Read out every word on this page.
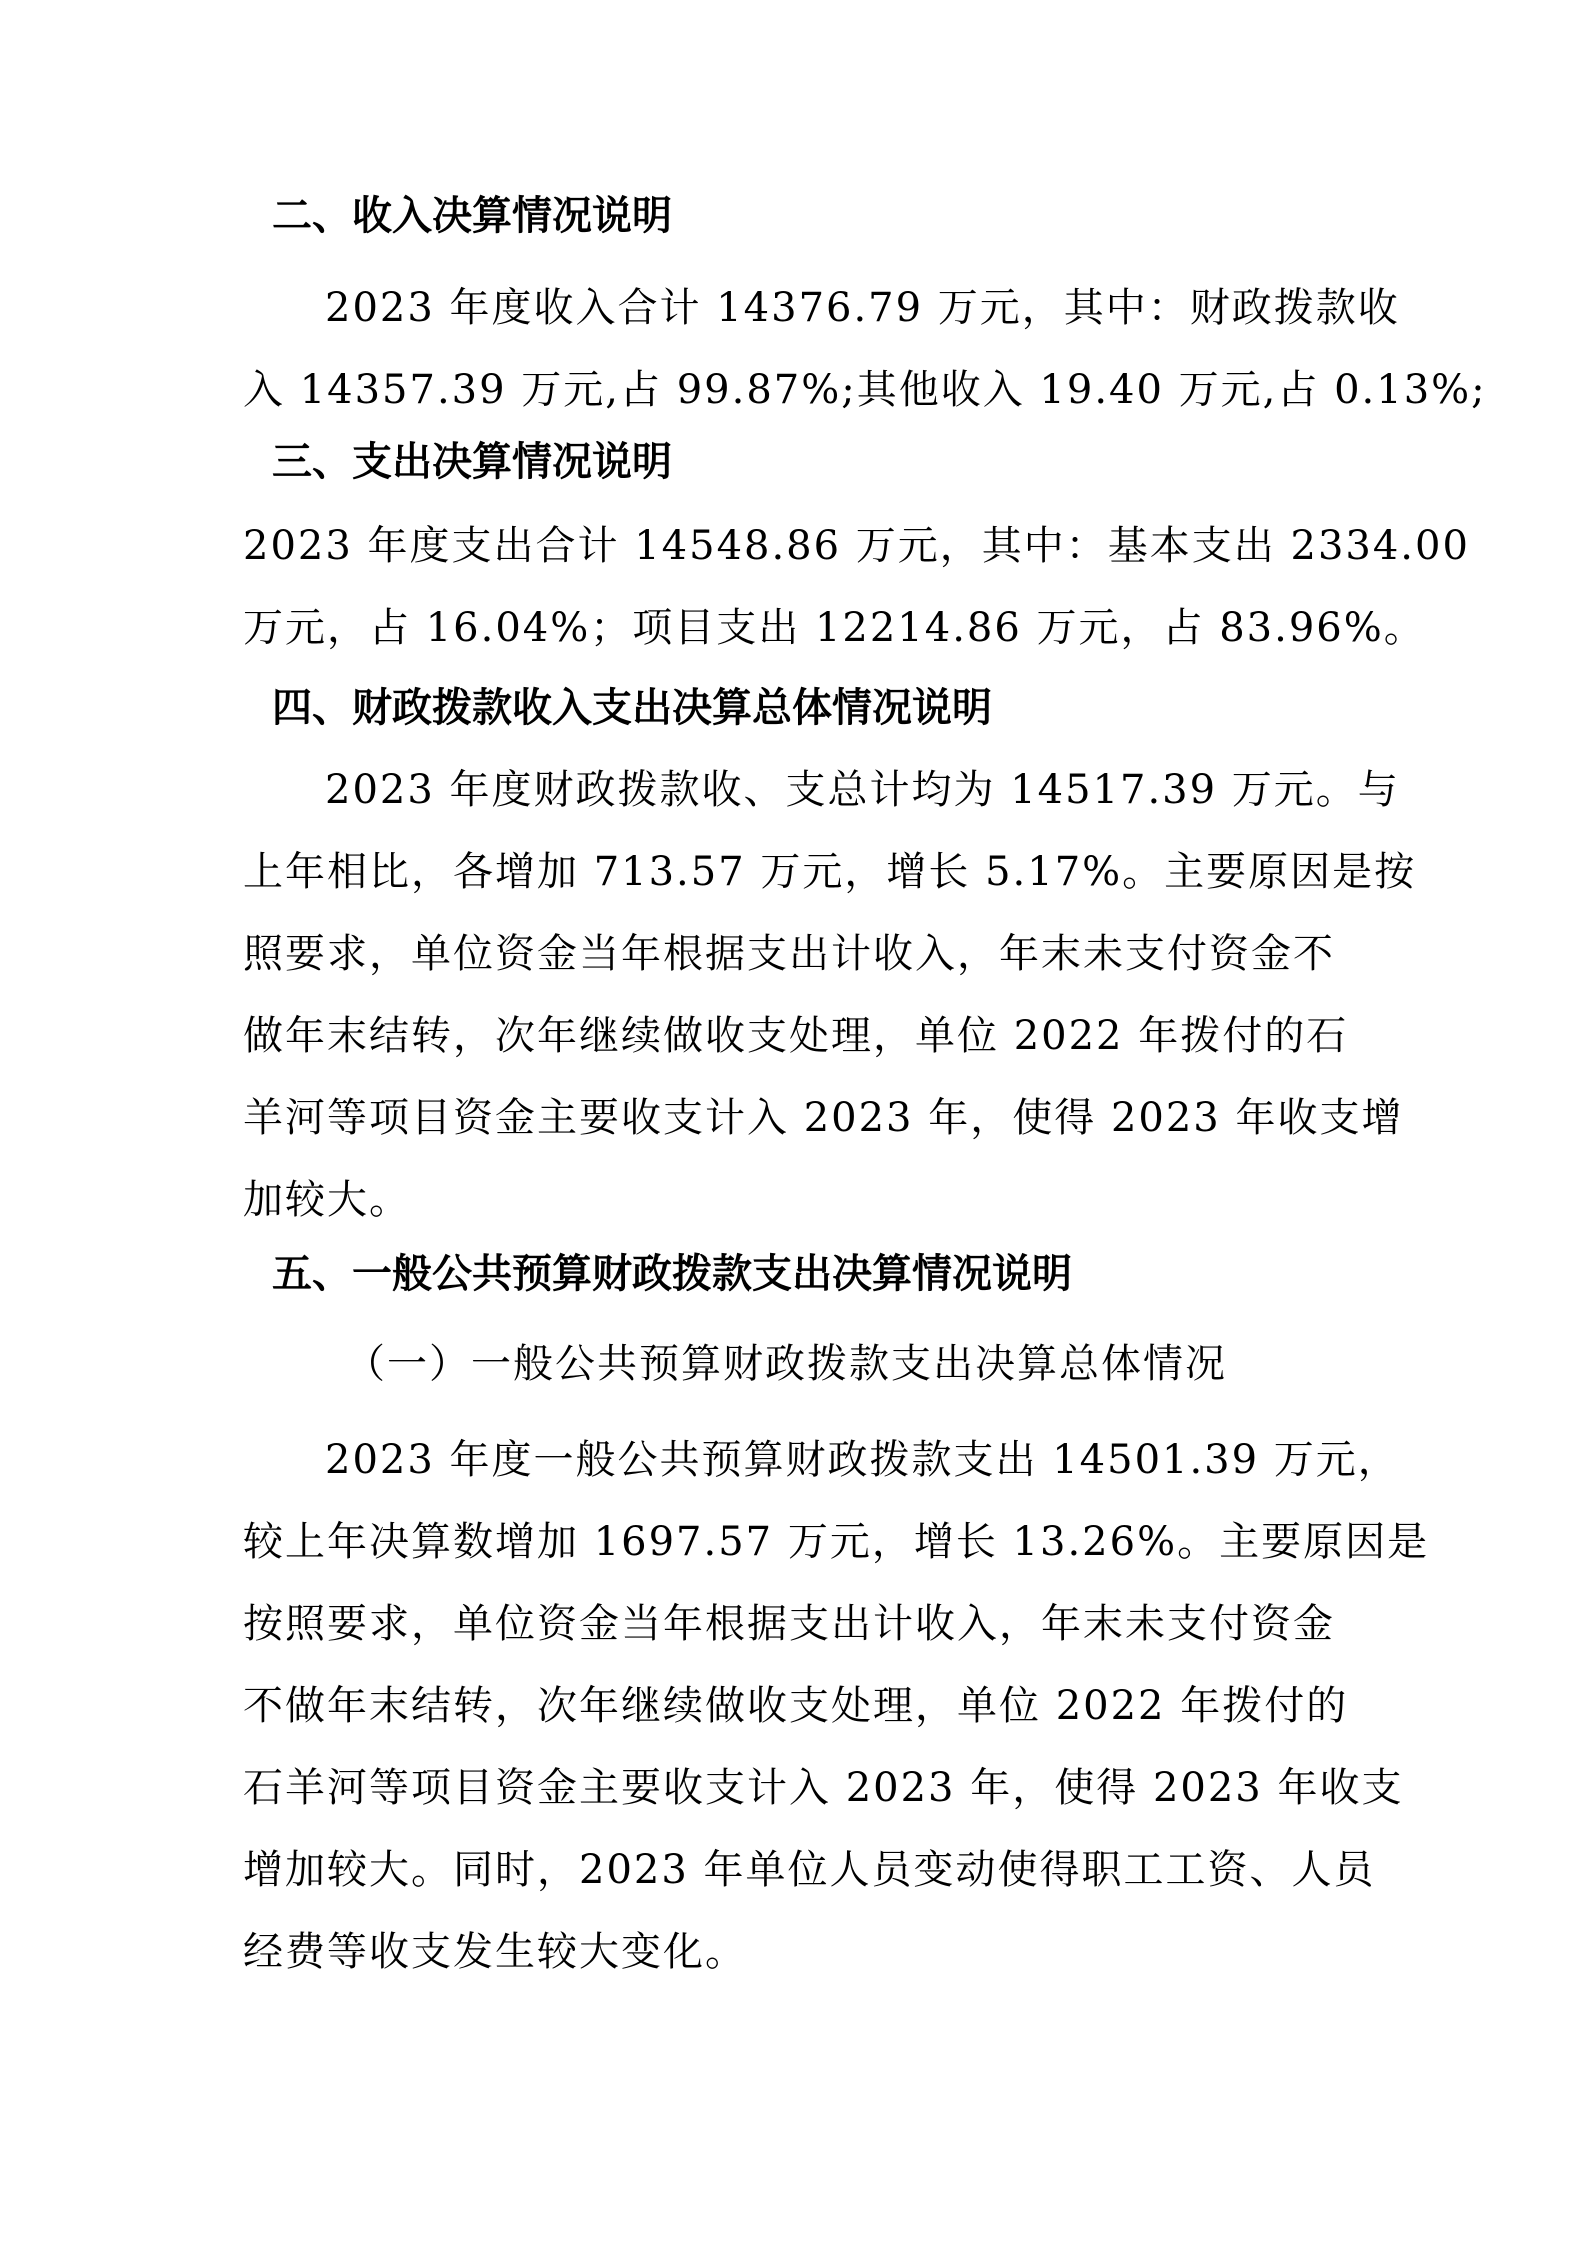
二、收入决算情况说明
2023 年度收入合计 14376.79 万元，其中：财政拨款收
入 14357.39 万元,占 99.87%;其他收入 19.40 万元,占 0.13%;
三、支出决算情况说明
2023 年度支出合计 14548.86 万元，其中：基本支出 2334.00
万元，占 16.04%；项目支出 12214.86 万元，占 83.96%。
四、财政拨款收入支出决算总体情况说明
2023 年度财政拨款收、支总计均为 14517.39 万元。与
上年相比，各增加 713.57 万元，增长 5.17%。主要原因是按
照要求，单位资金当年根据支出计收入，年末未支付资金不
做年末结转，次年继续做收支处理，单位 2022 年拨付的石
羊河等项目资金主要收支计入 2023 年，使得 2023 年收支增
加较大。
五、一般公共预算财政拨款支出决算情况说明
（一）一般公共预算财政拨款支出决算总体情况
2023 年度一般公共预算财政拨款支出 14501.39 万元，
较上年决算数增加 1697.57 万元，增长 13.26%。主要原因是
按照要求，单位资金当年根据支出计收入，年末未支付资金
不做年末结转，次年继续做收支处理，单位 2022 年拨付的
石羊河等项目资金主要收支计入 2023 年，使得 2023 年收支
增加较大。同时，2023 年单位人员变动使得职工工资、人员
经费等收支发生较大变化。
